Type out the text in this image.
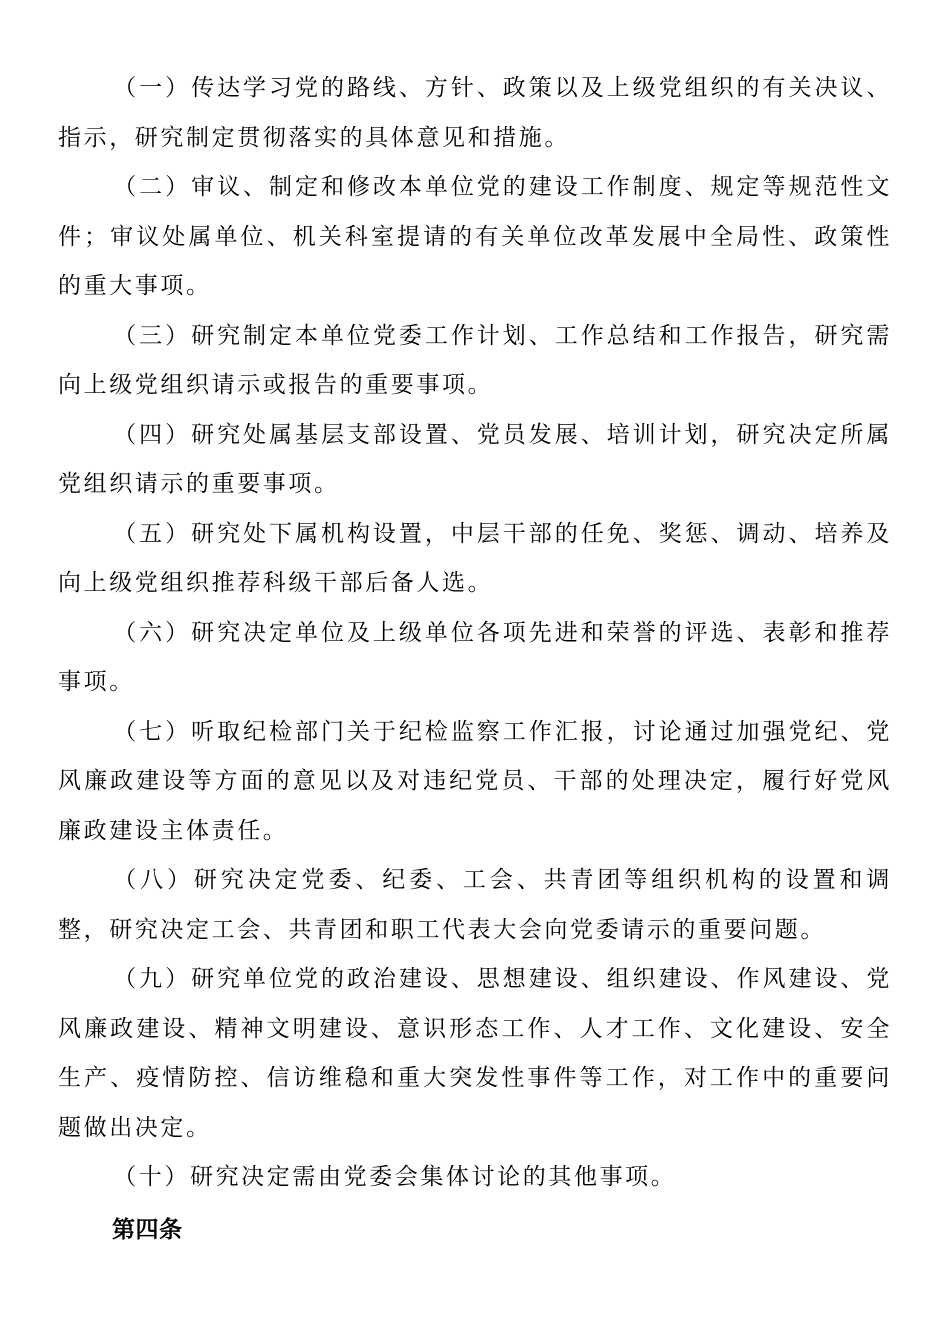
（一）传达学习党的路线、方针、政策以及上级党组织的有关决议、指示，研究制定贯彻落实的具体意见和措施。

（二）审议、制定和修改本单位党的建设工作制度、规定等规范性文件；审议处属单位、机关科室提请的有关单位改革发展中全局性、政策性的重大事项。

（三）研究制定本单位党委工作计划、工作总结和工作报告，研究需向上级党组织请示或报告的重要事项。

（四）研究处属基层支部设置、党员发展、培训计划，研究决定所属党组织请示的重要事项。

（五）研究处下属机构设置，中层干部的任免、奖惩、调动、培养及向上级党组织推荐科级干部后备人选。

（六）研究决定单位及上级单位各项先进和荣誉的评选、表彰和推荐事项。

（七）听取纪检部门关于纪检监察工作汇报，讨论通过加强党纪、党风廉政建设等方面的意见以及对违纪党员、干部的处理决定，履行好党风廉政建设主体责任。

（八）研究决定党委、纪委、工会、共青团等组织机构的设置和调整，研究决定工会、共青团和职工代表大会向党委请示的重要问题。

（九）研究单位党的政治建设、思想建设、组织建设、作风建设、党风廉政建设、精神文明建设、意识形态工作、人才工作、文化建设、安全生产、疫情防控、信访维稳和重大突发性事件等工作，对工作中的重要问题做出决定。

（十）研究决定需由党委会集体讨论的其他事项。

第四条
